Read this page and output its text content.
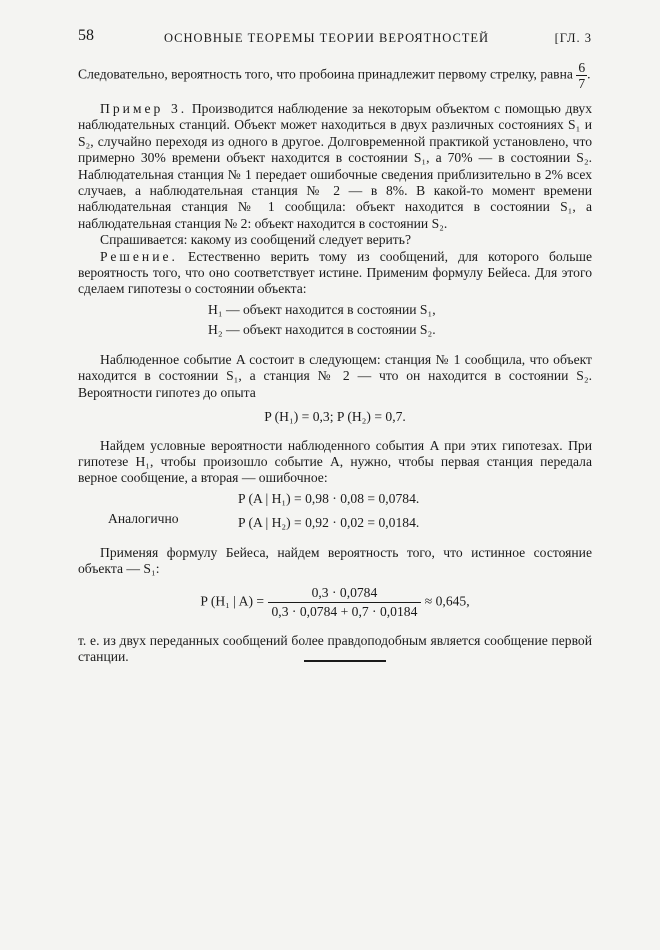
58	ОСНОВНЫЕ ТЕОРЕМЫ ТЕОРИИ ВЕРОЯТНОСТЕЙ	[ГЛ. 3

Следовательно, вероятность того, что пробоина принадлежит первому стрелку, равна $\frac{6}{7}$ .

Пример 3. Производится наблюдение за некоторым объектом с помощью двух наблюдательных станций. Объект может находиться в двух различных состояниях S₁ и S₂, случайно переходя из одного в другое. Долговременной практикой установлено, что примерно 30% времени объект находится в состоянии S₁, а 70% — в состоянии S₂. Наблюдательная станция № 1 передает ошибочные сведения приблизительно в 2% всех случаев, а наблюдательная станция № 2 — в 8%. В какой-то момент времени наблюдательная станция № 1 сообщила: объект находится в состоянии S₁, а наблюдательная станция № 2: объект находится в состоянии S₂.

Спрашивается: какому из сообщений следует верить?

Решение. Естественно верить тому из сообщений, для которого больше вероятность того, что оно соответствует истине. Применим формулу Бейеса. Для этого сделаем гипотезы о состоянии объекта:

H₁ — объект находится в состоянии S₁,
H₂ — объект находится в состоянии S₂.

Наблюденное событие A состоит в следующем: станция № 1 сообщила, что объект находится в состоянии S₁, а станция № 2 — что он находится в состоянии S₂. Вероятности гипотез до опыта

P (H₁) = 0,3; P (H₂) = 0,7.

Найдем условные вероятности наблюденного события A при этих гипотезах. При гипотезе H₁, чтобы произошло событие A, нужно, чтобы первая станция передала верное сообщение, а вторая — ошибочное:

P (A | H₁) = 0,98 · 0,08 = 0,0784.
Аналогично	P (A | H₂) = 0,92 · 0,02 = 0,0184.

Применяя формулу Бейеса, найдем вероятность того, что истинное состояние объекта — S₁:

P (H₁ | $A) = \frac{0,3 \cdot 0,0784}{0,3 \cdot 0,0784 + 0,7 \cdot 0,0184} \approx 0,645$,

т. е. из двух переданных сообщений более правдоподобным является сообщение первой станции.
